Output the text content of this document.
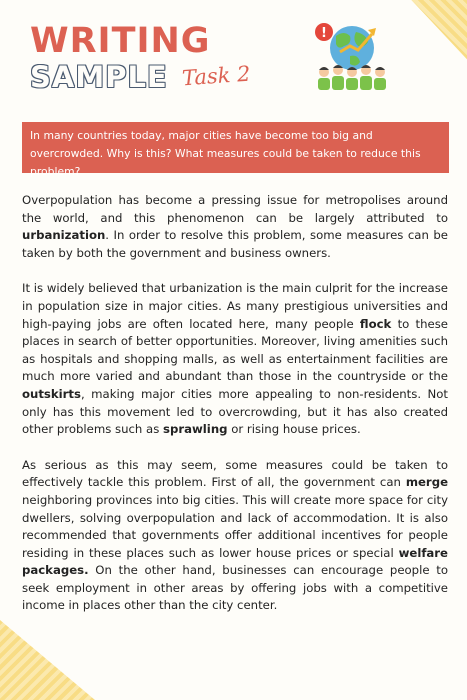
WRITING
SAMPLE Task 2
!

In many countries today, major cities have become too big and overcrowded. Why is this? What measures could be taken to reduce this problem?

Overpopulation has become a pressing issue for metropolises around the world, and this phenomenon can be largely attributed to urbanization. In order to resolve this problem, some measures can be taken by both the government and business owners.

It is widely believed that urbanization is the main culprit for the increase in population size in major cities. As many prestigious universities and high-paying jobs are often located here, many people flock to these places in search of better opportunities. Moreover, living amenities such as hospitals and shopping malls, as well as entertainment facilities are much more varied and abundant than those in the countryside or the outskirts, making major cities more appealing to non-residents. Not only has this movement led to overcrowding, but it has also created other problems such as sprawling or rising house prices.

As serious as this may seem, some measures could be taken to effectively tackle this problem. First of all, the government can merge neighboring provinces into big cities. This will create more space for city dwellers, solving overpopulation and lack of accommodation. It is also recommended that governments offer additional incentives for people residing in these places such as lower house prices or special welfare packages. On the other hand, businesses can encourage people to seek employment in other areas by offering jobs with a competitive income in places other than the city center.
